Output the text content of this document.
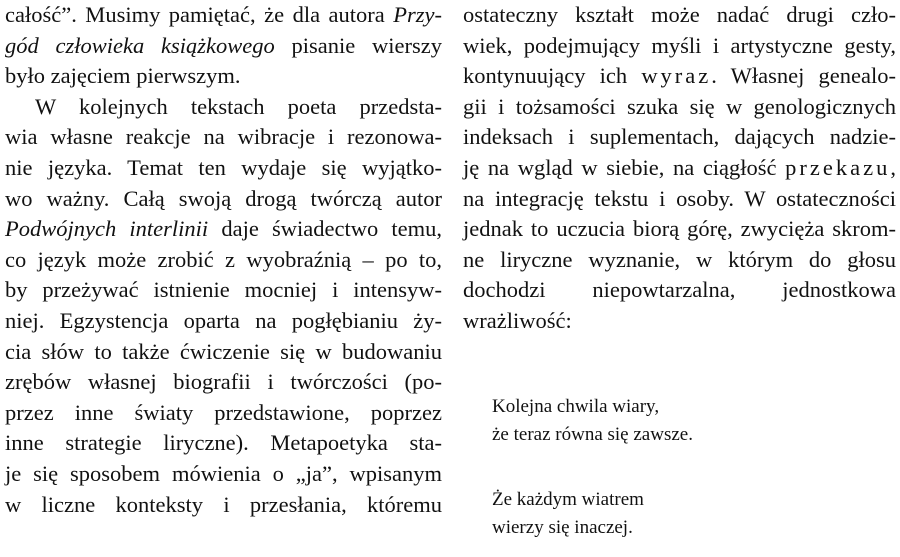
całość”. Musimy pamiętać, że dla autora Przy-
gód człowieka książkowego pisanie wierszy
było zajęciem pierwszym.
W kolejnych tekstach poeta przedsta-
wia własne reakcje na wibracje i rezonowa-
nie języka. Temat ten wydaje się wyjątko-
wo ważny. Całą swoją drogą twórczą autor
Podwójnych interlinii daje świadectwo temu,
co język może zrobić z wyobraźnią – po to,
by przeżywać istnienie mocniej i intensyw-
niej. Egzystencja oparta na pogłębianiu ży-
cia słów to także ćwiczenie się w budowaniu
zrębów własnej biografii i twórczości (po-
przez inne światy przedstawione, poprzez
inne strategie liryczne). Metapoetyka sta-
je się sposobem mówienia o „ja”, wpisanym
w liczne konteksty i przesłania, któremu
ostateczny kształt może nadać drugi czło-
wiek, podejmujący myśli i artystyczne gesty,
kontynuujący ich wyraz. Własnej genealo-
gii i tożsamości szuka się w genologicznych
indeksach i suplementach, dających nadzie-
ję na wgląd w siebie, na ciągłość przekazu,
na integrację tekstu i osoby. W ostateczności
jednak to uczucia biorą górę, zwycięża skrom-
ne liryczne wyznanie, w którym do głosu
dochodzi niepowtarzalna, jednostkowa
wrażliwość:
Kolejna chwila wiary,
że teraz równa się zawsze.
Że każdym wiatrem
wierzy się inaczej.
